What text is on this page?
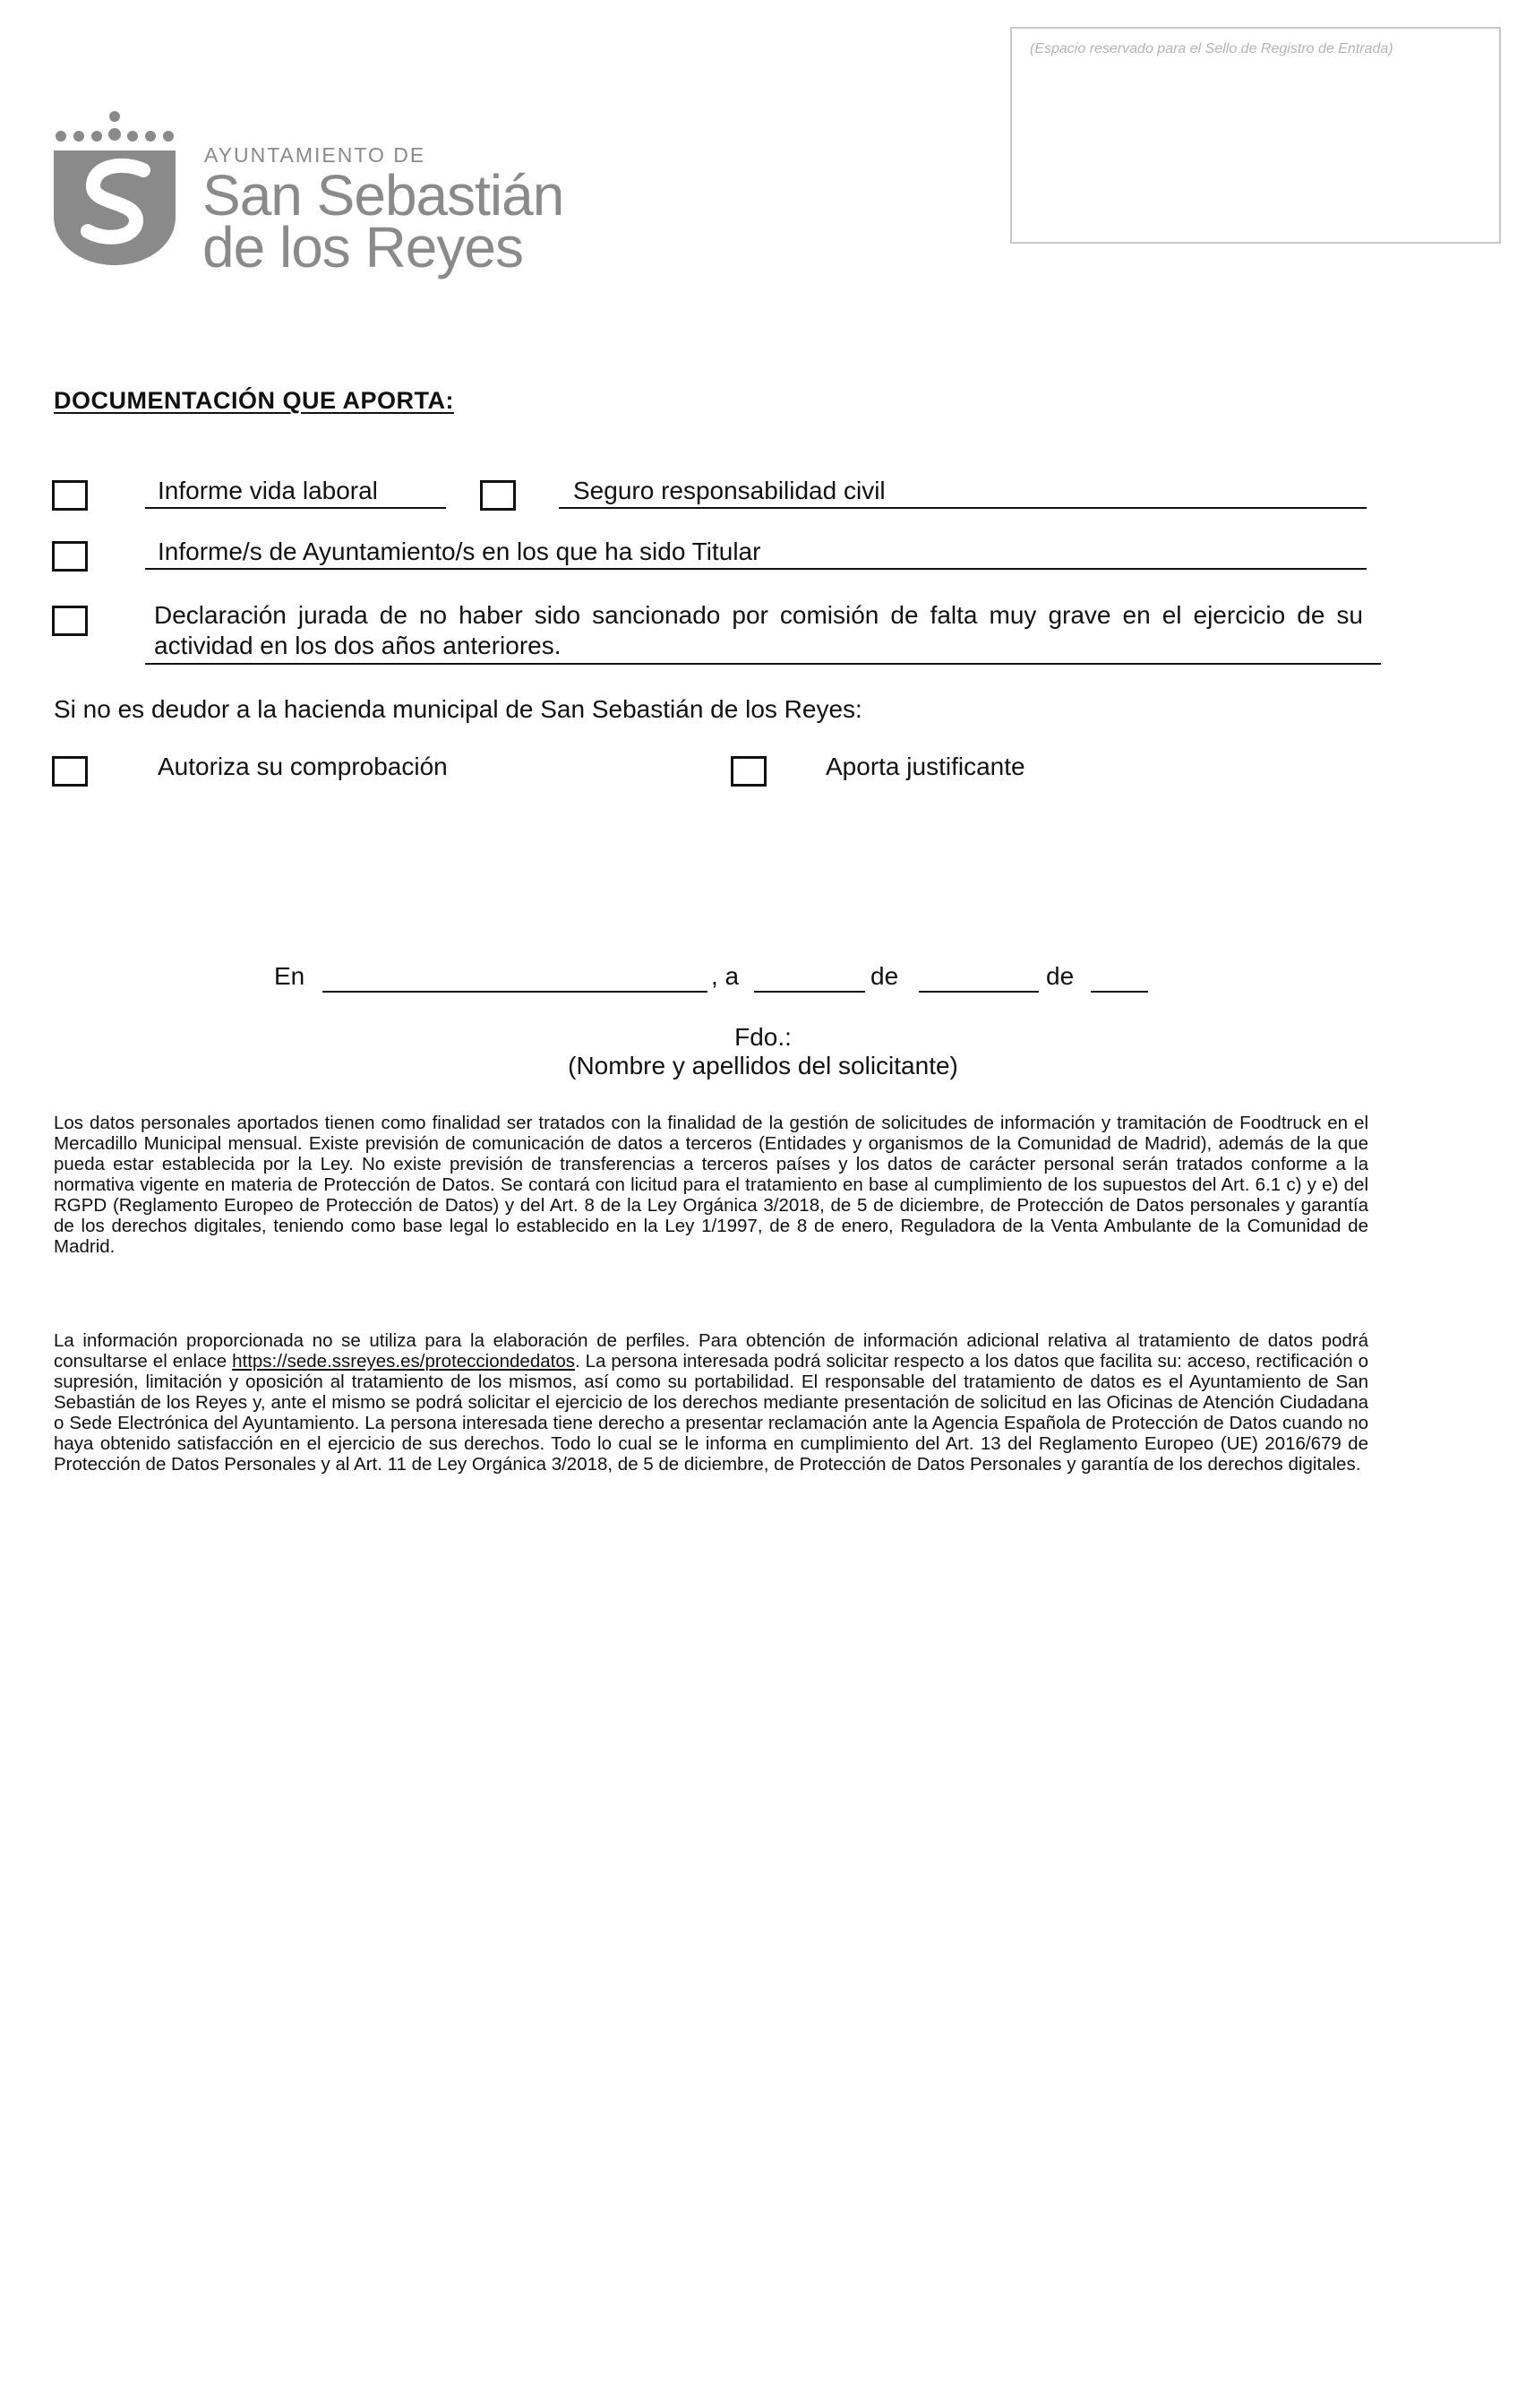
AYUNTAMIENTO DE
San Sebastián
de los Reyes
(Espacio reservado para el Sello de Registro de Entrada)
DOCUMENTACIÓN QUE APORTA:
Informe vida laboral	Seguro responsabilidad civil
Informe/s de Ayuntamiento/s en los que ha sido Titular
Declaración jurada de no haber sido sancionado por comisión de falta muy grave en el ejercicio de su actividad en los dos años anteriores.
Si no es deudor a la hacienda municipal de San Sebastián de los Reyes:
Autoriza su comprobación	Aporta justificante
En	, a	de	de
Fdo.:
(Nombre y apellidos del solicitante)

Los datos personales aportados tienen como finalidad ser tratados con la finalidad de la gestión de solicitudes de información y tramitación de Foodtruck en el Mercadillo Municipal mensual. Existe previsión de comunicación de datos a terceros (Entidades y organismos de la Comunidad de Madrid), además de la que pueda estar establecida por la Ley. No existe previsión de transferencias a terceros países y los datos de carácter personal serán tratados conforme a la normativa vigente en materia de Protección de Datos. Se contará con licitud para el tratamiento en base al cumplimiento de los supuestos del Art. 6.1 c) y e) del RGPD (Reglamento Europeo de Protección de Datos) y del Art. 8 de la Ley Orgánica 3/2018, de 5 de diciembre, de Protección de Datos personales y garantía de los derechos digitales, teniendo como base legal lo establecido en la Ley 1/1997, de 8 de enero, Reguladora de la Venta Ambulante de la Comunidad de Madrid.

La información proporcionada no se utiliza para la elaboración de perfiles. Para obtención de información adicional relativa al tratamiento de datos podrá consultarse el enlace https://sede.ssreyes.es/protecciondedatos. La persona interesada podrá solicitar respecto a los datos que facilita su: acceso, rectificación o supresión, limitación y oposición al tratamiento de los mismos, así como su portabilidad. El responsable del tratamiento de datos es el Ayuntamiento de San Sebastián de los Reyes y, ante el mismo se podrá solicitar el ejercicio de los derechos mediante presentación de solicitud en las Oficinas de Atención Ciudadana o Sede Electrónica del Ayuntamiento. La persona interesada tiene derecho a presentar reclamación ante la Agencia Española de Protección de Datos cuando no haya obtenido satisfacción en el ejercicio de sus derechos. Todo lo cual se le informa en cumplimiento del Art. 13 del Reglamento Europeo (UE) 2016/679 de Protección de Datos Personales y al Art. 11 de Ley Orgánica 3/2018, de 5 de diciembre, de Protección de Datos Personales y garantía de los derechos digitales.
